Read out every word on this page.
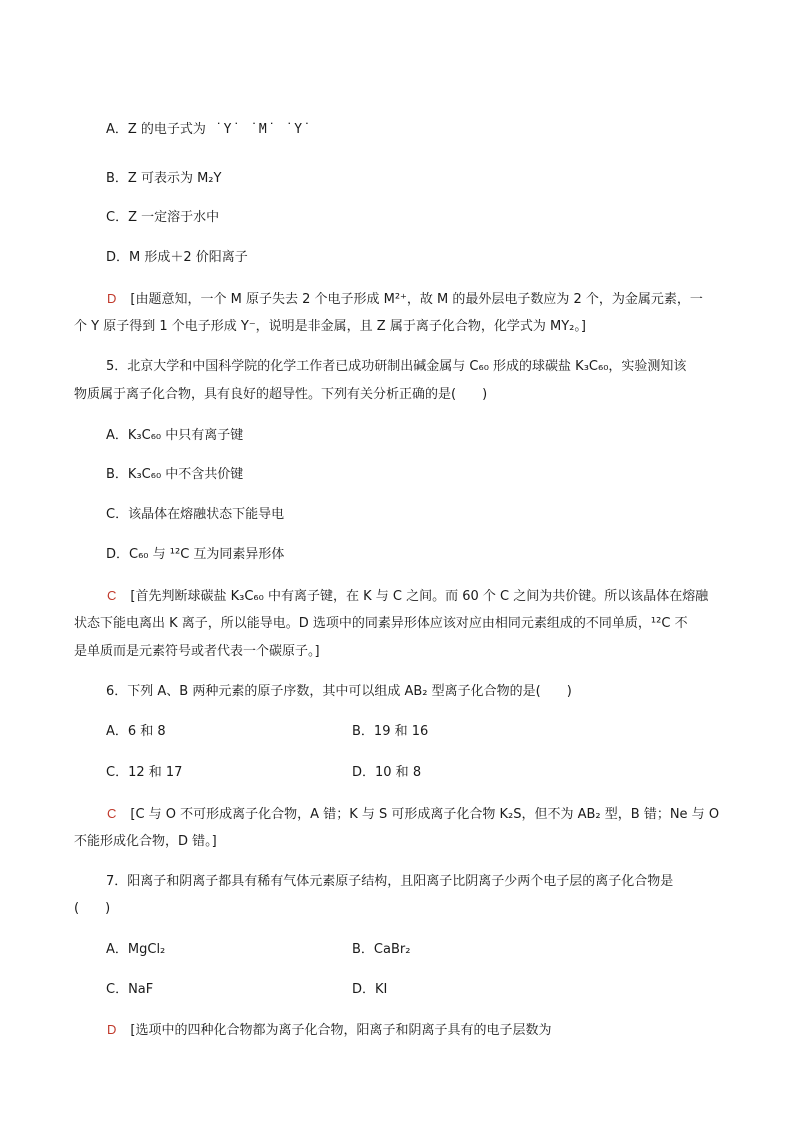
A．Z 的电子式为 ˙Y˙ ˙M˙ ˙Y˙
B．Z 可表示为 M₂Y
C．Z 一定溶于水中
D．M 形成＋2 价阳离子
D [由题意知，一个 M 原子失去 2 个电子形成 M²⁺，故 M 的最外层电子数应为 2 个，为金属元素，一
个 Y 原子得到 1 个电子形成 Y⁻，说明是非金属，且 Z 属于离子化合物，化学式为 MY₂。]
5．北京大学和中国科学院的化学工作者已成功研制出碱金属与 C₆₀ 形成的球碳盐 K₃C₆₀，实验测知该
物质属于离子化合物，具有良好的超导性。下列有关分析正确的是(　　)
A．K₃C₆₀ 中只有离子键
B．K₃C₆₀ 中不含共价键
C．该晶体在熔融状态下能导电
D．C₆₀ 与 ¹²C 互为同素异形体
C [首先判断球碳盐 K₃C₆₀ 中有离子键，在 K 与 C 之间。而 60 个 C 之间为共价键。所以该晶体在熔融
状态下能电离出 K 离子，所以能导电。D 选项中的同素异形体应该对应由相同元素组成的不同单质，¹²C 不
是单质而是元素符号或者代表一个碳原子。]
6．下列 A、B 两种元素的原子序数，其中可以组成 AB₂ 型离子化合物的是(　　)
A．6 和 8	B．19 和 16
C．12 和 17	D．10 和 8
C [C 与 O 不可形成离子化合物，A 错；K 与 S 可形成离子化合物 K₂S，但不为 AB₂ 型，B 错；Ne 与 O
不能形成化合物，D 错。]
7．阳离子和阴离子都具有稀有气体元素原子结构，且阳离子比阴离子少两个电子层的离子化合物是
(　　)
A．MgCl₂	B．CaBr₂
C．NaF	D．KI
D [选项中的四种化合物都为离子化合物，阳离子和阴离子具有的电子层数为
